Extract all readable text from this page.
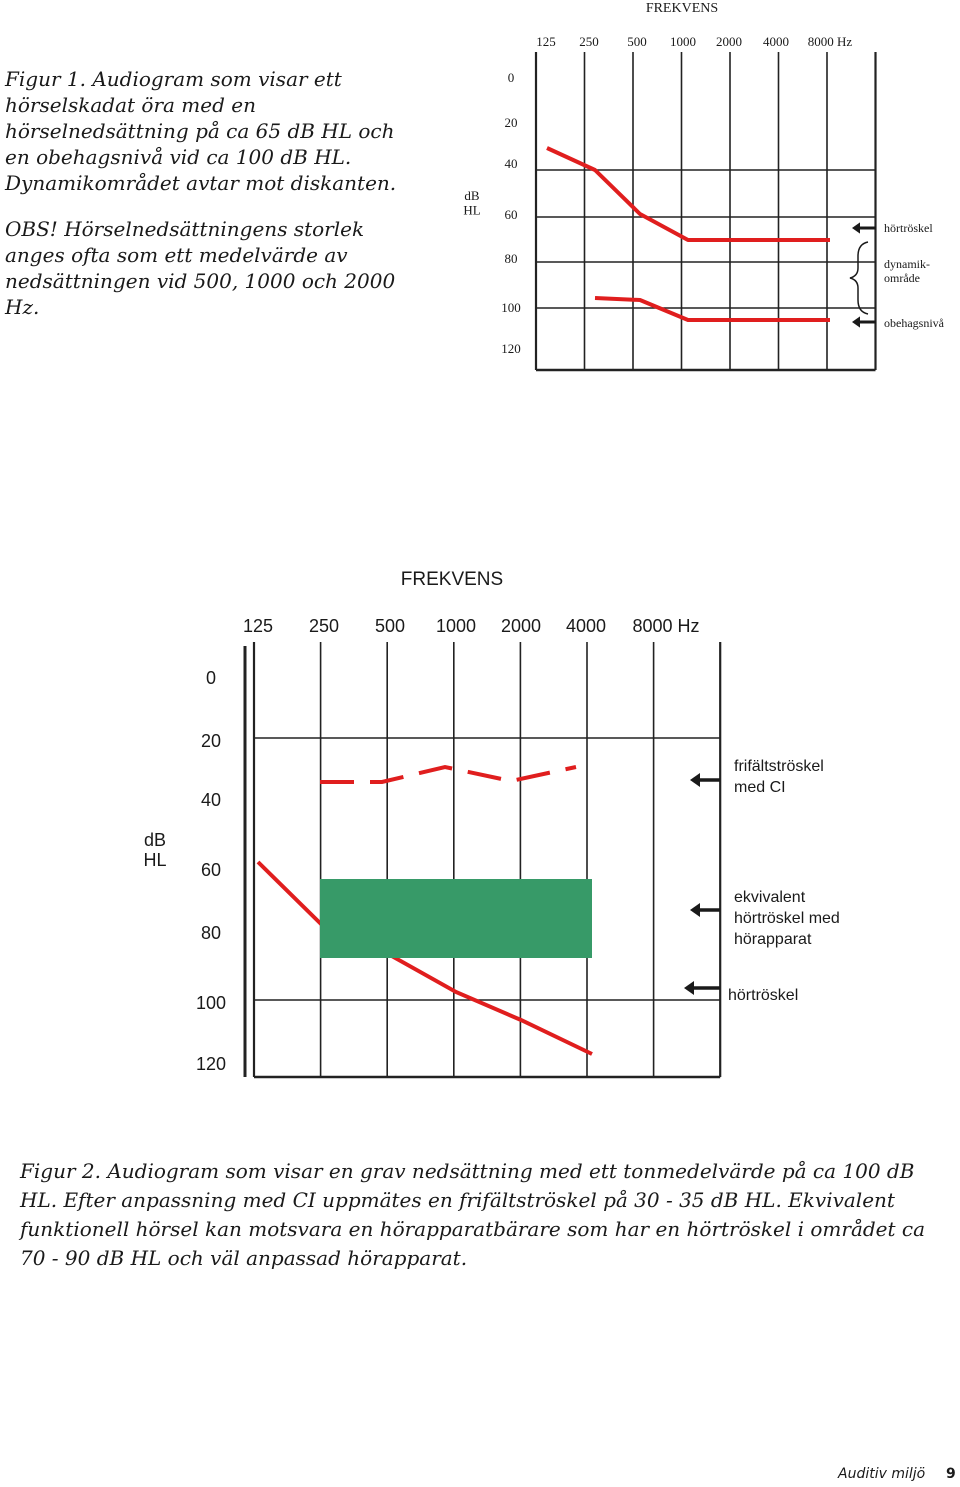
Figur 1. Audiogram som visar ett hörselskadat öra med en hörselnedsättning på ca 65 dB HL och en obehagsnivå vid ca 100 dB HL. Dynamikområdet avtar mot diskanten.
OBS! Hörselnedsättningens storlek anges ofta som ett medelvärde av nedsättningen vid 500, 1000 och 2000 Hz.
FREKVENS
125 250 500 1000 2000 4000 8000 Hz
0
20
40
60
80
100
120
dB HL
hörtröskel
dynamik-område
obehagsnivå
FREKVENS
125 250 500 1000 2000 4000 8000 Hz
0
20
40
60
80
100
120
dB HL
frifältströskel med CI
ekvivalent hörtröskel med hörapparat
hörtröskel
Figur 2. Audiogram som visar en grav nedsättning med ett tonmedelvärde på ca 100 dB HL. Efter anpassning med CI uppmätes en frifältströskel på 30 - 35 dB HL. Ekvivalent funktionell hörsel kan motsvara en hörapparatbärare som har en hörtröskel i området ca 70 - 90 dB HL och väl anpassad hörapparat.
Auditiv miljö 9
